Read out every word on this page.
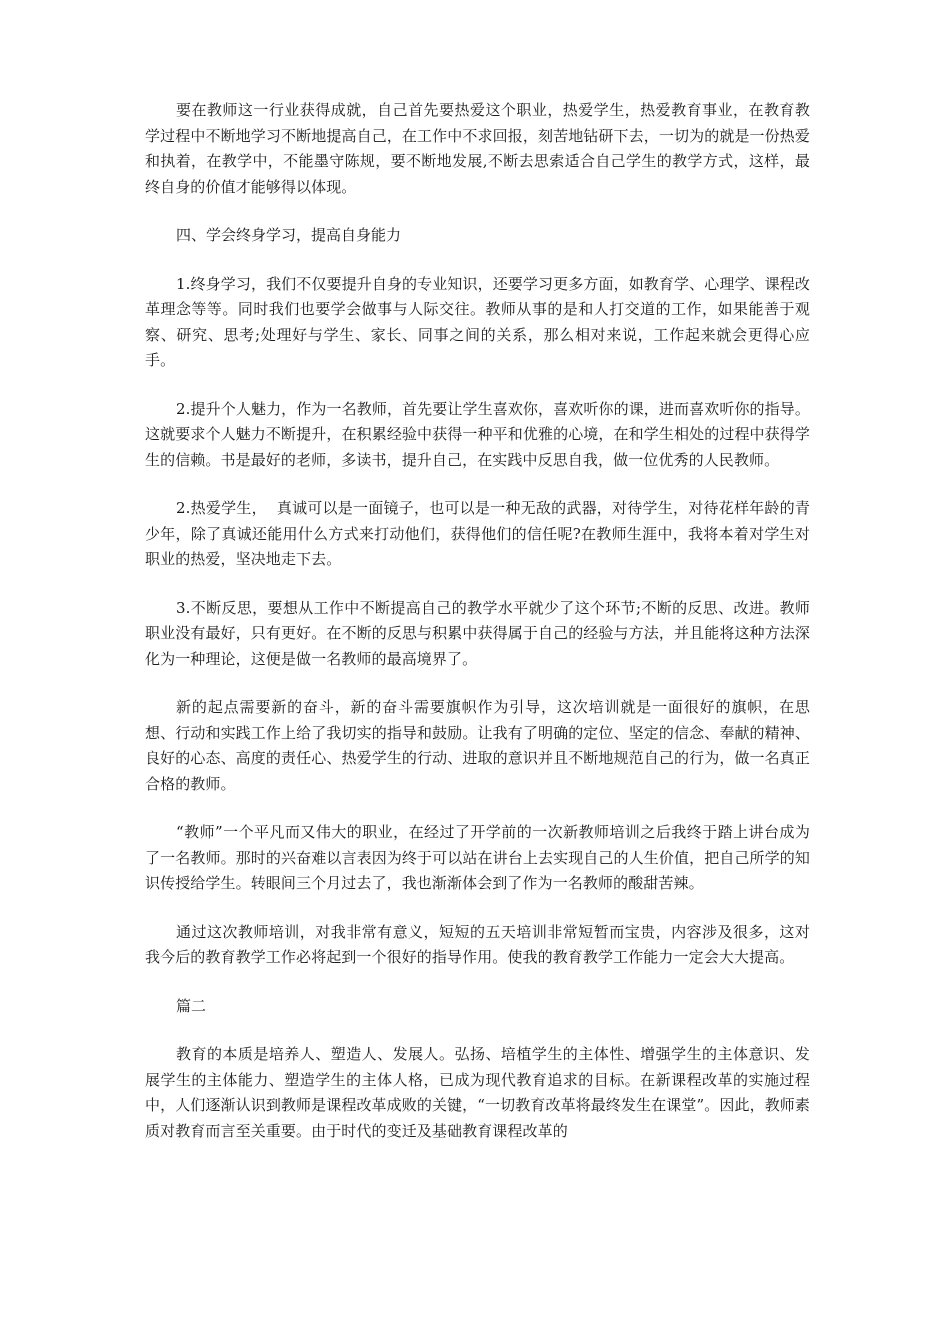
要在教师这一行业获得成就，自己首先要热爱这个职业，热爱学生，热爱教育事业，在教育教学过程中不断地学习不断地提高自己，在工作中不求回报，刻苦地钻研下去，一切为的就是一份热爱和执着，在教学中，不能墨守陈规，要不断地发展,不断去思索适合自己学生的教学方式，这样，最终自身的价值才能够得以体现。

四、学会终身学习，提高自身能力

1.终身学习，我们不仅要提升自身的专业知识，还要学习更多方面，如教育学、心理学、课程改革理念等等。同时我们也要学会做事与人际交往。教师从事的是和人打交道的工作，如果能善于观察、研究、思考;处理好与学生、家长、同事之间的关系，那么相对来说，工作起来就会更得心应手。

2.提升个人魅力，作为一名教师，首先要让学生喜欢你，喜欢听你的课，进而喜欢听你的指导。这就要求个人魅力不断提升，在积累经验中获得一种平和优雅的心境，在和学生相处的过程中获得学生的信赖。书是最好的老师，多读书，提升自己，在实践中反思自我，做一位优秀的人民教师。

2.热爱学生，  真诚可以是一面镜子，也可以是一种无敌的武器，对待学生，对待花样年龄的青少年，除了真诚还能用什么方式来打动他们，获得他们的信任呢?在教师生涯中，我将本着对学生对职业的热爱，坚决地走下去。

3.不断反思，要想从工作中不断提高自己的教学水平就少了这个环节;不断的反思、改进。教师职业没有最好，只有更好。在不断的反思与积累中获得属于自己的经验与方法，并且能将这种方法深化为一种理论，这便是做一名教师的最高境界了。

新的起点需要新的奋斗，新的奋斗需要旗帜作为引导，这次培训就是一面很好的旗帜，在思想、行动和实践工作上给了我切实的指导和鼓励。让我有了明确的定位、坚定的信念、奉献的精神、良好的心态、高度的责任心、热爱学生的行动、进取的意识并且不断地规范自己的行为，做一名真正合格的教师。

“教师”一个平凡而又伟大的职业，在经过了开学前的一次新教师培训之后我终于踏上讲台成为了一名教师。那时的兴奋难以言表因为终于可以站在讲台上去实现自己的人生价值，把自己所学的知识传授给学生。转眼间三个月过去了，我也渐渐体会到了作为一名教师的酸甜苦辣。

通过这次教师培训，对我非常有意义，短短的五天培训非常短暂而宝贵，内容涉及很多，这对我今后的教育教学工作必将起到一个很好的指导作用。使我的教育教学工作能力一定会大大提高。

篇二

教育的本质是培养人、塑造人、发展人。弘扬、培植学生的主体性、增强学生的主体意识、发展学生的主体能力、塑造学生的主体人格，已成为现代教育追求的目标。在新课程改革的实施过程中，人们逐渐认识到教师是课程改革成败的关键，“一切教育改革将最终发生在课堂”。因此，教师素质对教育而言至关重要。由于时代的变迁及基础教育课程改革的
